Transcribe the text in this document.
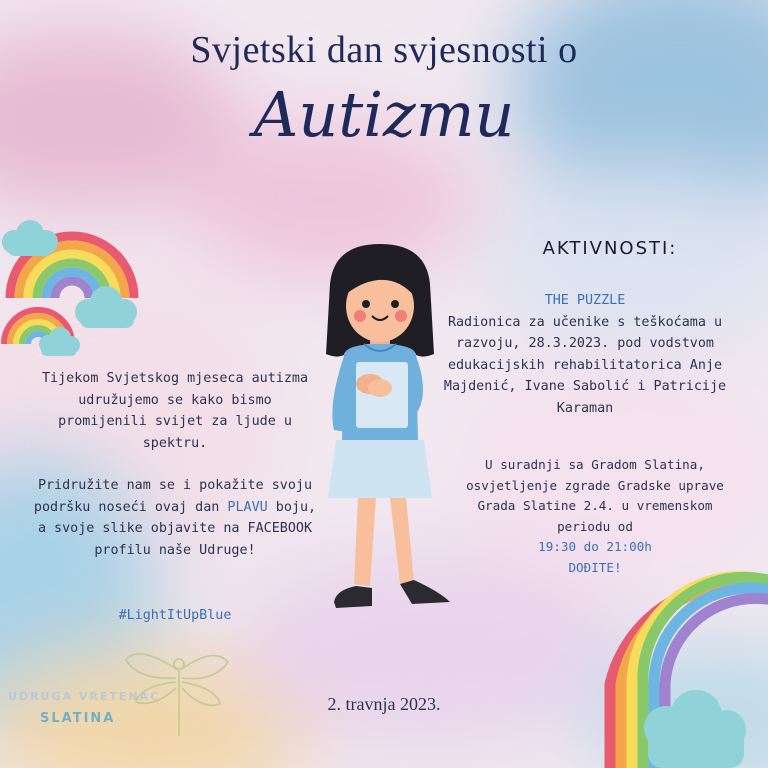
Svjetski dan svjesnosti o
Autizmu

Tijekom Svjetskog mjeseca autizma udružujemo se kako bismo promijenili svijet za ljude u spektru.

Pridružite nam se i pokažite svoju podršku noseći ovaj dan PLAVU boju, a svoje slike objavite na FACEBOOK profilu naše Udruge!

#LightItUpBlue
AKTIVNOSTI:
THE PUZZLE
Radionica za učenike s teškoćama u razvoju, 28.3.2023. pod vodstvom edukacijskih rehabilitatorica Anje Majdenić, Ivane Sabolić i Patricije Karaman
U suradnji sa Gradom Slatina, osvjetljenje zgrade Gradske uprave Grada Slatine 2.4. u vremenskom periodu od
19:30 do 21:00h
DOĐITE!
2. travnja 2023.
UDRUGA VRETENAC
SLATINA
